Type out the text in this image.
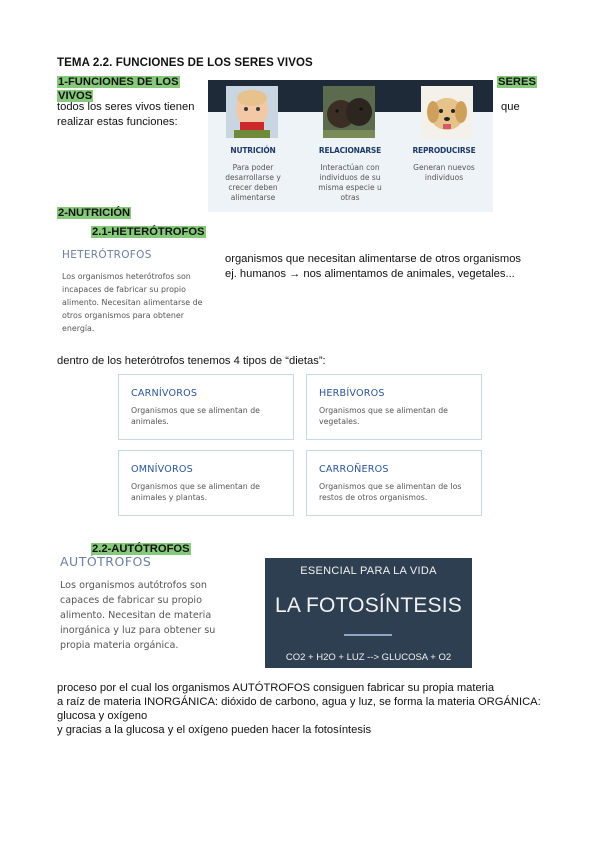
TEMA 2.2. FUNCIONES DE LOS SERES VIVOS
1-FUNCIONES DE LOS	SERES
VIVOS
todos los seres vivos tienen	que
realizar estas funciones:
NUTRICIÓN
Para poder
desarrollarse y
crecer deben
alimentarse
RELACIONARSE
Interactúan con
individuos de su
misma especie u
otras
REPRODUCIRSE
Generan nuevos
individuos
2-NUTRICIÓN
2.1-HETERÓTROFOS
HETERÓTROFOS
Los organismos heterótrofos son
incapaces de fabricar su propio
alimento. Necesitan alimentarse de
otros organismos para obtener
energía.
organismos que necesitan alimentarse de otros organismos
ej. humanos → nos alimentamos de animales, vegetales...
dentro de los heterótrofos tenemos 4 tipos de “dietas”:
CARNÍVOROS
Organismos que se alimentan de animales.
HERBÍVOROS
Organismos que se alimentan de vegetales.
OMNÍVOROS
Organismos que se alimentan de animales y plantas.
CARROÑEROS
Organismos que se alimentan de los restos de otros organismos.
2.2-AUTÓTROFOS
AUTÓTROFOS
Los organismos autótrofos son
capaces de fabricar su propio
alimento. Necesitan de materia
inorgánica y luz para obtener su
propia materia orgánica.
ESENCIAL PARA LA VIDA
LA FOTOSÍNTESIS
CO2 + H2O + LUZ --> GLUCOSA + O2
proceso por el cual los organismos AUTÓTROFOS consiguen fabricar su propia materia
a raíz de materia INORGÁNICA: dióxido de carbono, agua y luz, se forma la materia ORGÁNICA:
glucosa y oxígeno
y gracias a la glucosa y el oxígeno pueden hacer la fotosíntesis
